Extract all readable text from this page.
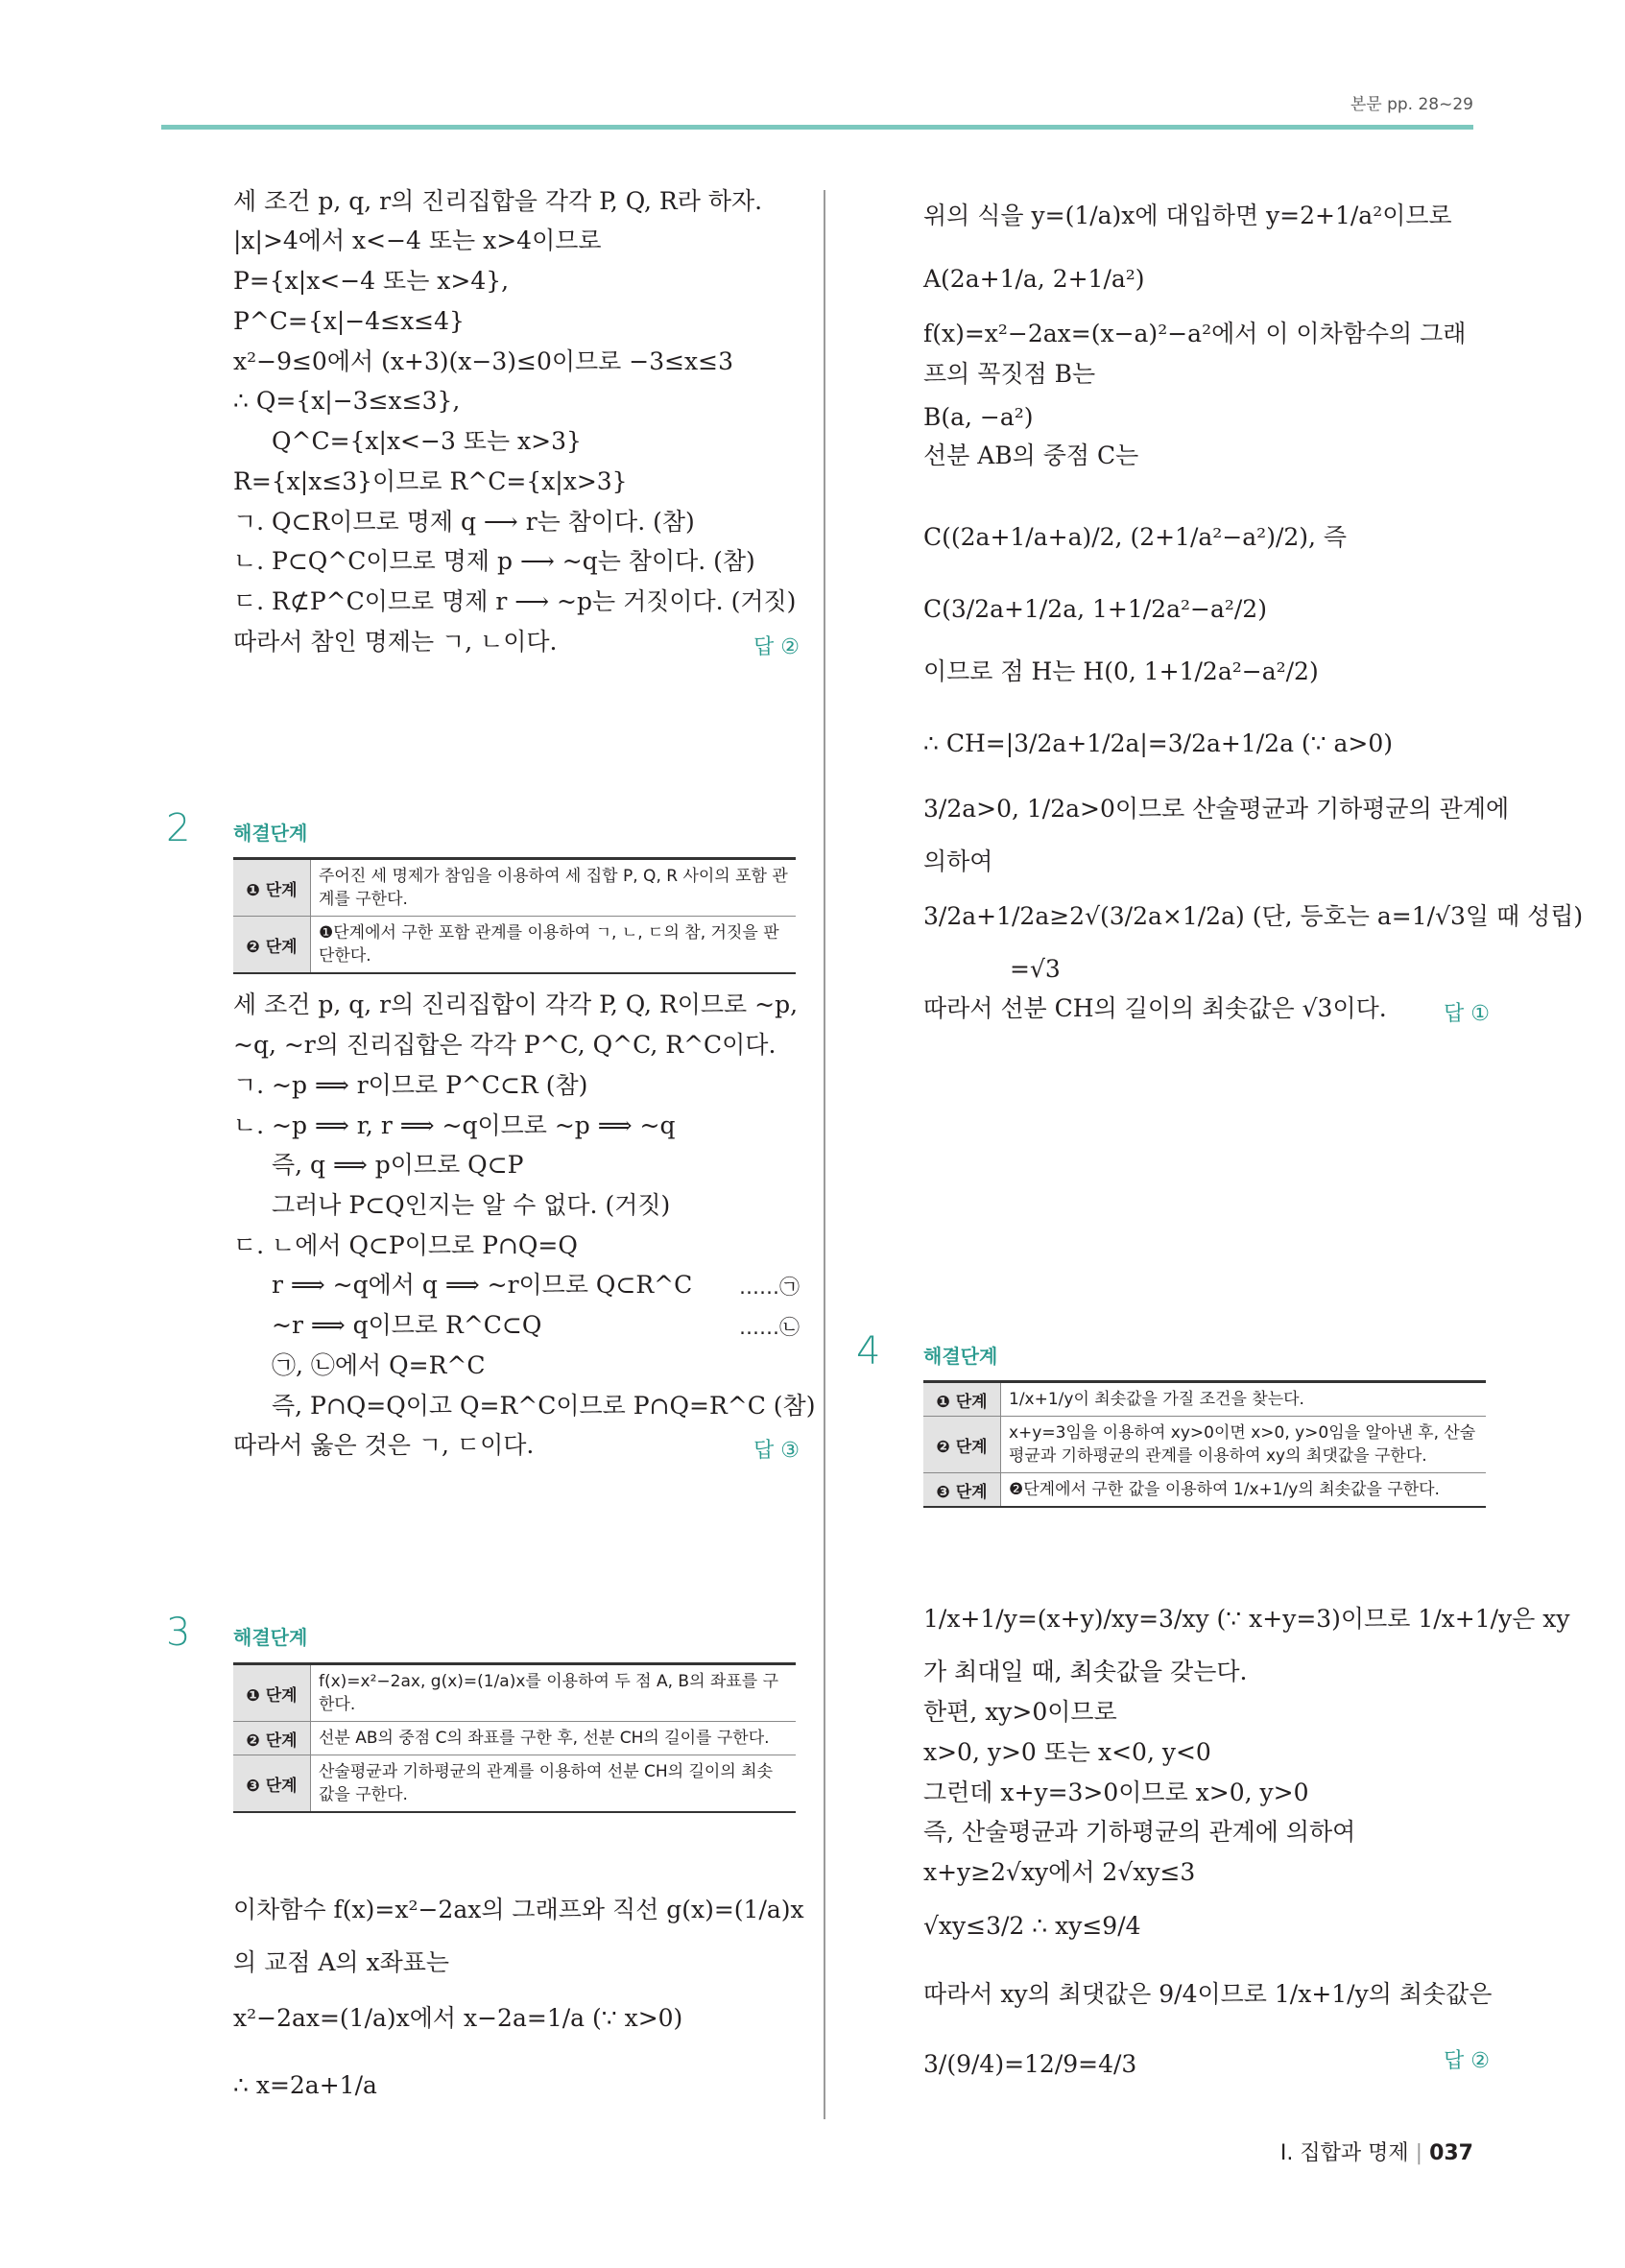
본문 pp. 28~29
세 조건 p, q, r의 진리집합을 각각 P, Q, R라 하자.
|x|>4에서 x<−4 또는 x>4이므로
P={x|x<−4 또는 x>4},
P^C={x|−4≤x≤4}
x²−9≤0에서 (x+3)(x−3)≤0이므로 −3≤x≤3
∴ Q={x|−3≤x≤3},
Q^C={x|x<−3 또는 x>3}
R={x|x≤3}이므로 R^C={x|x>3}
ㄱ. Q⊂R이므로 명제 q ⟶ r는 참이다. (참)
ㄴ. P⊂Q^C이므로 명제 p ⟶ ~q는 참이다. (참)
ㄷ. R⊄P^C이므로 명제 r ⟶ ~p는 거짓이다. (거짓)
따라서 참인 명제는 ㄱ, ㄴ이다.	답 ②
2 해결단계
❶ 단계	주어진 세 명제가 참임을 이용하여 세 집합 P, Q, R 사이의 포함 관계를 구한다.
❷ 단계	❶단계에서 구한 포함 관계를 이용하여 ㄱ, ㄴ, ㄷ의 참, 거짓을 판단한다.
세 조건 p, q, r의 진리집합이 각각 P, Q, R이므로 ~p,
~q, ~r의 진리집합은 각각 P^C, Q^C, R^C이다.
ㄱ. ~p ⟹ r이므로 P^C⊂R (참)
ㄴ. ~p ⟹ r, r ⟹ ~q이므로 ~p ⟹ ~q
즉, q ⟹ p이므로 Q⊂P
그러나 P⊂Q인지는 알 수 없다. (거짓)
ㄷ. ㄴ에서 Q⊂P이므로 P∩Q=Q
r ⟹ ~q에서 q ⟹ ~r이므로 Q⊂R^C ……㉠
~r ⟹ q이므로 R^C⊂Q	……㉡
㉠, ㉡에서 Q=R^C
즉, P∩Q=Q이고 Q=R^C이므로 P∩Q=R^C (참)
따라서 옳은 것은 ㄱ, ㄷ이다.	답 ③
3 해결단계
❶ 단계	f(x)=x²−2ax, g(x)=(1/a)x를 이용하여 두 점 A, B의 좌표를 구한다.
❷ 단계	선분 AB의 중점 C의 좌표를 구한 후, 선분 CH의 길이를 구한다.
❸ 단계	산술평균과 기하평균의 관계를 이용하여 선분 CH의 길이의 최솟값을 구한다.
이차함수 f(x)=x²−2ax의 그래프와 직선 g(x)=(1/a)x
의 교점 A의 x좌표는
x²−2ax=(1/a)x에서 x−2a=1/a (∵ x>0)
∴ x=2a+1/a
위의 식을 y=(1/a)x에 대입하면 y=2+1/a²이므로
A(2a+1/a, 2+1/a²)
f(x)=x²−2ax=(x−a)²−a²에서 이 이차함수의 그래
프의 꼭짓점 B는
B(a, −a²)
선분 AB의 중점 C는
C((2a+1/a+a)/2, (2+1/a²−a²)/2), 즉
C(3/2a+1/2a, 1+1/2a²−a²/2)
이므로 점 H는 H(0, 1+1/2a²−a²/2)
∴ CH=|3/2a+1/2a|=3/2a+1/2a (∵ a>0)
3/2a>0, 1/2a>0이므로 산술평균과 기하평균의 관계에
의하여
3/2a+1/2a≥2√(3/2a×1/2a) (단, 등호는 a=1/√3일 때 성립)
=√3
따라서 선분 CH의 길이의 최솟값은 √3이다.	답 ①
4 해결단계
❶ 단계	1/x+1/y이 최솟값을 가질 조건을 찾는다.
❷ 단계	x+y=3임을 이용하여 xy>0이면 x>0, y>0임을 알아낸 후, 산술평균과 기하평균의 관계를 이용하여 xy의 최댓값을 구한다.
❸ 단계	❷단계에서 구한 값을 이용하여 1/x+1/y의 최솟값을 구한다.
1/x+1/y=(x+y)/xy=3/xy (∵ x+y=3)이므로 1/x+1/y은 xy
가 최대일 때, 최솟값을 갖는다.
한편, xy>0이므로
x>0, y>0 또는 x<0, y<0
그런데 x+y=3>0이므로 x>0, y>0
즉, 산술평균과 기하평균의 관계에 의하여
x+y≥2√xy에서 2√xy≤3
√xy≤3/2 ∴ xy≤9/4
따라서 xy의 최댓값은 9/4이므로 1/x+1/y의 최솟값은
3/(9/4)=12/9=4/3	답 ②
Ⅰ. 집합과 명제 | 037
